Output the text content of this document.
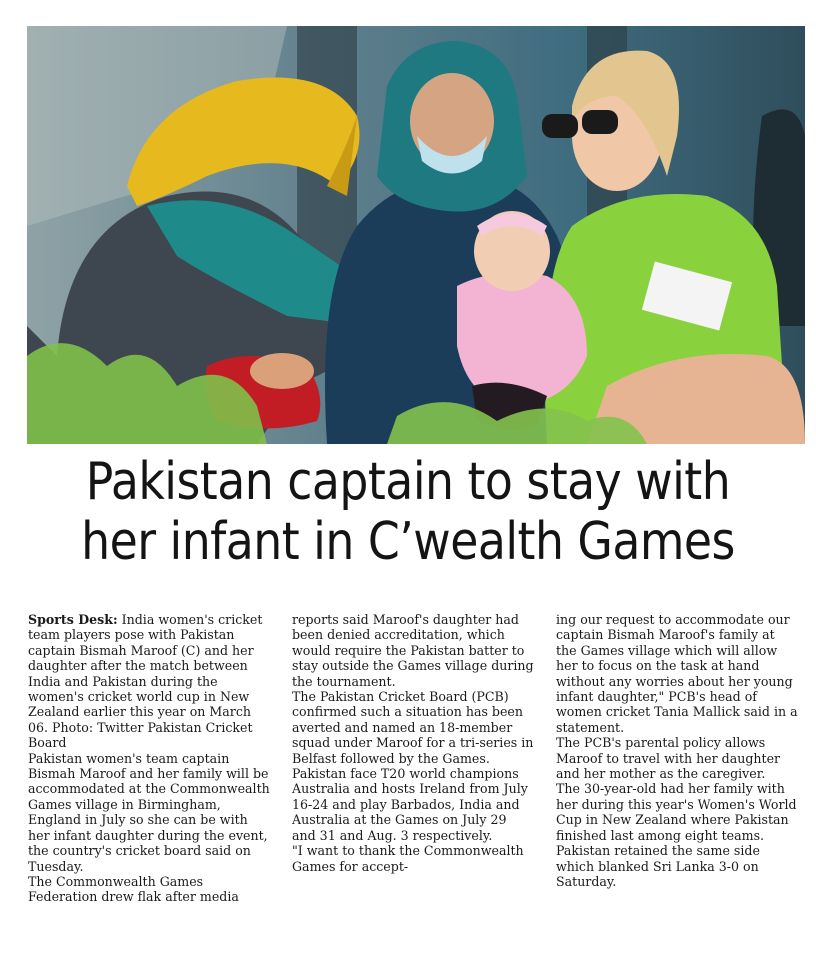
Pakistan captain to stay with
her infant in C’wealth Games

Sports Desk: India women's cricket team players pose with Pakistan captain Bismah Maroof (C) and her daughter after the match between India and Pakistan during the women's cricket world cup in New Zealand earlier this year on March 06. Photo: Twitter Pakistan Cricket Board

Pakistan women's team captain Bismah Maroof and her family will be accommodated at the Commonwealth Games village in Birmingham, England in July so she can be with her infant daughter during the event, the country's cricket board said on Tuesday.

The Commonwealth Games Federation drew flak after media

reports said Maroof's daughter had been denied accreditation, which would require the Pakistan batter to stay outside the Games village during the tournament.

The Pakistan Cricket Board (PCB) confirmed such a situation has been averted and named an 18-member squad under Maroof for a tri-series in Belfast followed by the Games.

Pakistan face T20 world champions Australia and hosts Ireland from July 16-24 and play Barbados, India and Australia at the Games on July 29 and 31 and Aug. 3 respectively.

"I want to thank the Commonwealth Games for accept-

ing our request to accommodate our captain Bismah Maroof's family at the Games village which will allow her to focus on the task at hand without any worries about her young infant daughter," PCB's head of women cricket Tania Mallick said in a statement.

The PCB's parental policy allows Maroof to travel with her daughter and her mother as the caregiver.

The 30-year-old had her family with her during this year's Women's World Cup in New Zealand where Pakistan finished last among eight teams.

Pakistan retained the same side which blanked Sri Lanka 3-0 on Saturday.
